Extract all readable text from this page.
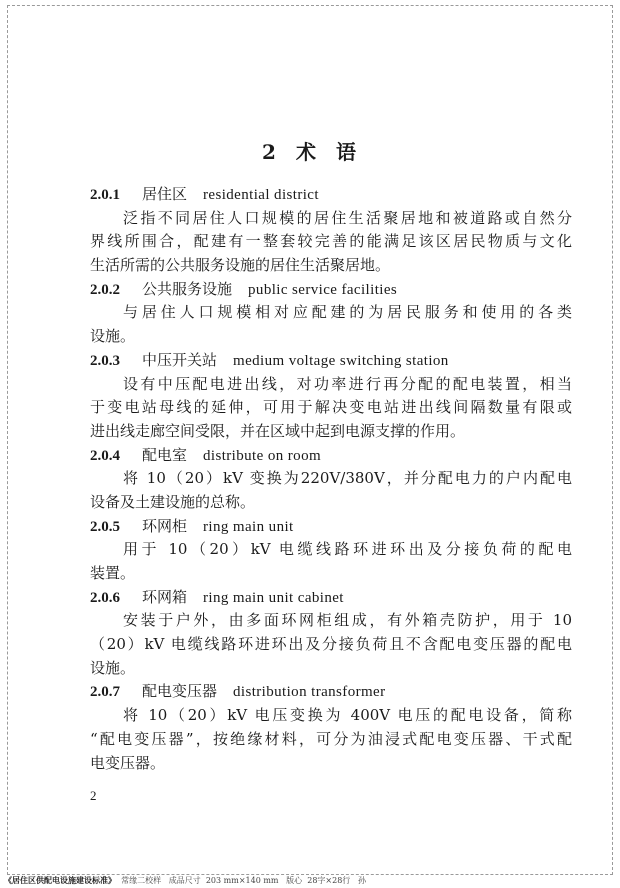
2 术 语
2.0.1 居住区 residential district
泛指不同居住人口规模的居住生活聚居地和被道路或自然分
界线所围合，配建有一整套较完善的能满足该区居民物质与文化
生活所需的公共服务设施的居住生活聚居地。
2.0.2 公共服务设施 public service facilities
与居住人口规模相对应配建的为居民服务和使用的各类
设施。
2.0.3 中压开关站 medium voltage switching station
设有中压配电进出线，对功率进行再分配的配电装置，相当
于变电站母线的延伸，可用于解决变电站进出线间隔数量有限或
进出线走廊空间受限，并在区域中起到电源支撑的作用。
2.0.4 配电室 distribute on room
将 10（20）kV 变换为220V/380V，并分配电力的户内配电
设备及土建设施的总称。
2.0.5 环网柜 ring main unit
用于 10（20）kV 电缆线路环进环出及分接负荷的配电
装置。
2.0.6 环网箱 ring main unit cabinet
安装于户外，由多面环网柜组成，有外箱壳防护，用于 10
（20）kV 电缆线路环进环出及分接负荷且不含配电变压器的配电
设施。
2.0.7 配电变压器 distribution transformer
将 10（20）kV 电压变换为 400V 电压的配电设备，简称
“配电变压器”，按绝缘材料，可分为油浸式配电变压器、干式配
电变压器。
2
《居住区供配电设施建设标准》 常缘二校样 成品尺寸 203 mm×140 mm 版心 28字×28行 孙
